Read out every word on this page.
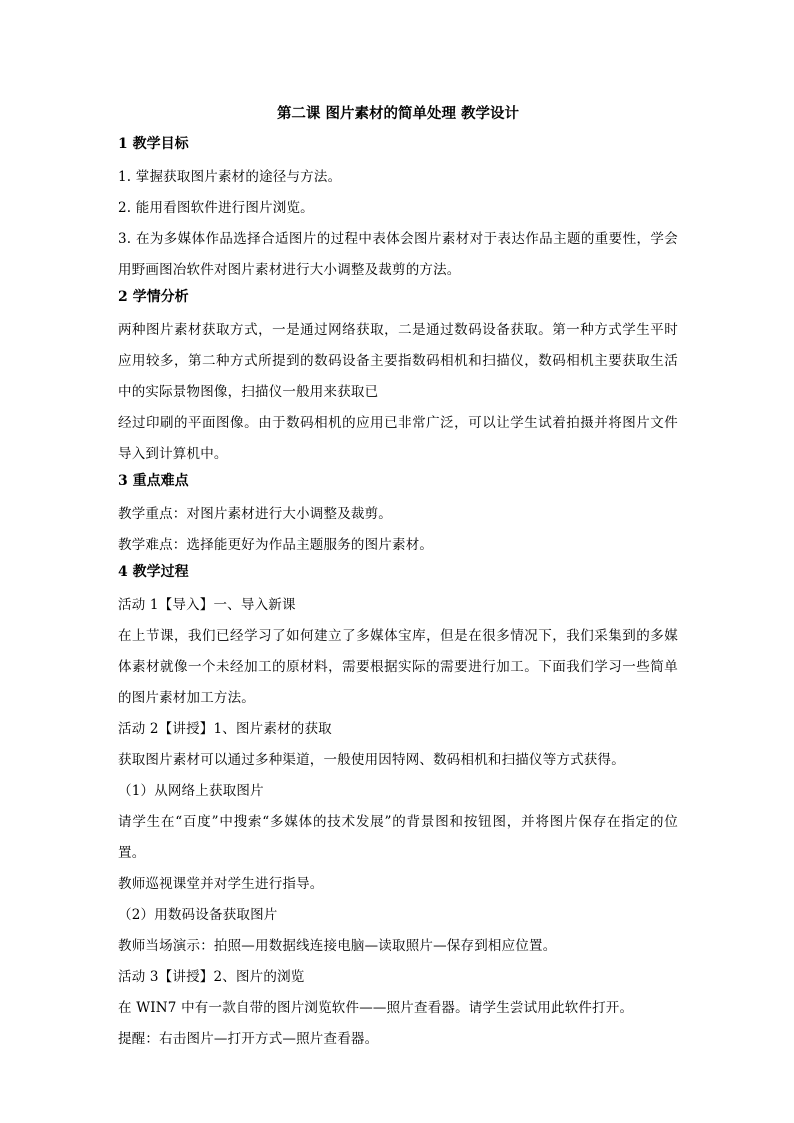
第二课 图片素材的简单处理 教学设计
1 教学目标

1. 掌握获取图片素材的途径与方法。

2. 能用看图软件进行图片浏览。

3. 在为多媒体作品选择合适图片的过程中表体会图片素材对于表达作品主题的重要性，学会用野画图冶软件对图片素材进行大小调整及裁剪的方法。

2 学情分析

两种图片素材获取方式，一是通过网络获取，二是通过数码设备获取。第一种方式学生平时应用较多，第二种方式所提到的数码设备主要指数码相机和扫描仪，数码相机主要获取生活中的实际景物图像，扫描仪一般用来获取已

经过印刷的平面图像。由于数码相机的应用已非常广泛，可以让学生试着拍摄并将图片文件导入到计算机中。

3 重点难点

教学重点：对图片素材进行大小调整及裁剪。

教学难点：选择能更好为作品主题服务的图片素材。

4 教学过程

活动 1【导入】一、导入新课

在上节课，我们已经学习了如何建立了多媒体宝库，但是在很多情况下，我们采集到的多媒体素材就像一个未经加工的原材料，需要根据实际的需要进行加工。下面我们学习一些简单的图片素材加工方法。

活动 2【讲授】1、图片素材的获取

获取图片素材可以通过多种渠道，一般使用因特网、数码相机和扫描仪等方式获得。

（1）从网络上获取图片

请学生在“百度”中搜索“多媒体的技术发展”的背景图和按钮图，并将图片保存在指定的位置。

教师巡视课堂并对学生进行指导。

（2）用数码设备获取图片

教师当场演示：拍照—用数据线连接电脑—读取照片—保存到相应位置。

活动 3【讲授】2、图片的浏览

在 WIN7 中有一款自带的图片浏览软件——照片查看器。请学生尝试用此软件打开。

提醒：右击图片—打开方式—照片查看器。
